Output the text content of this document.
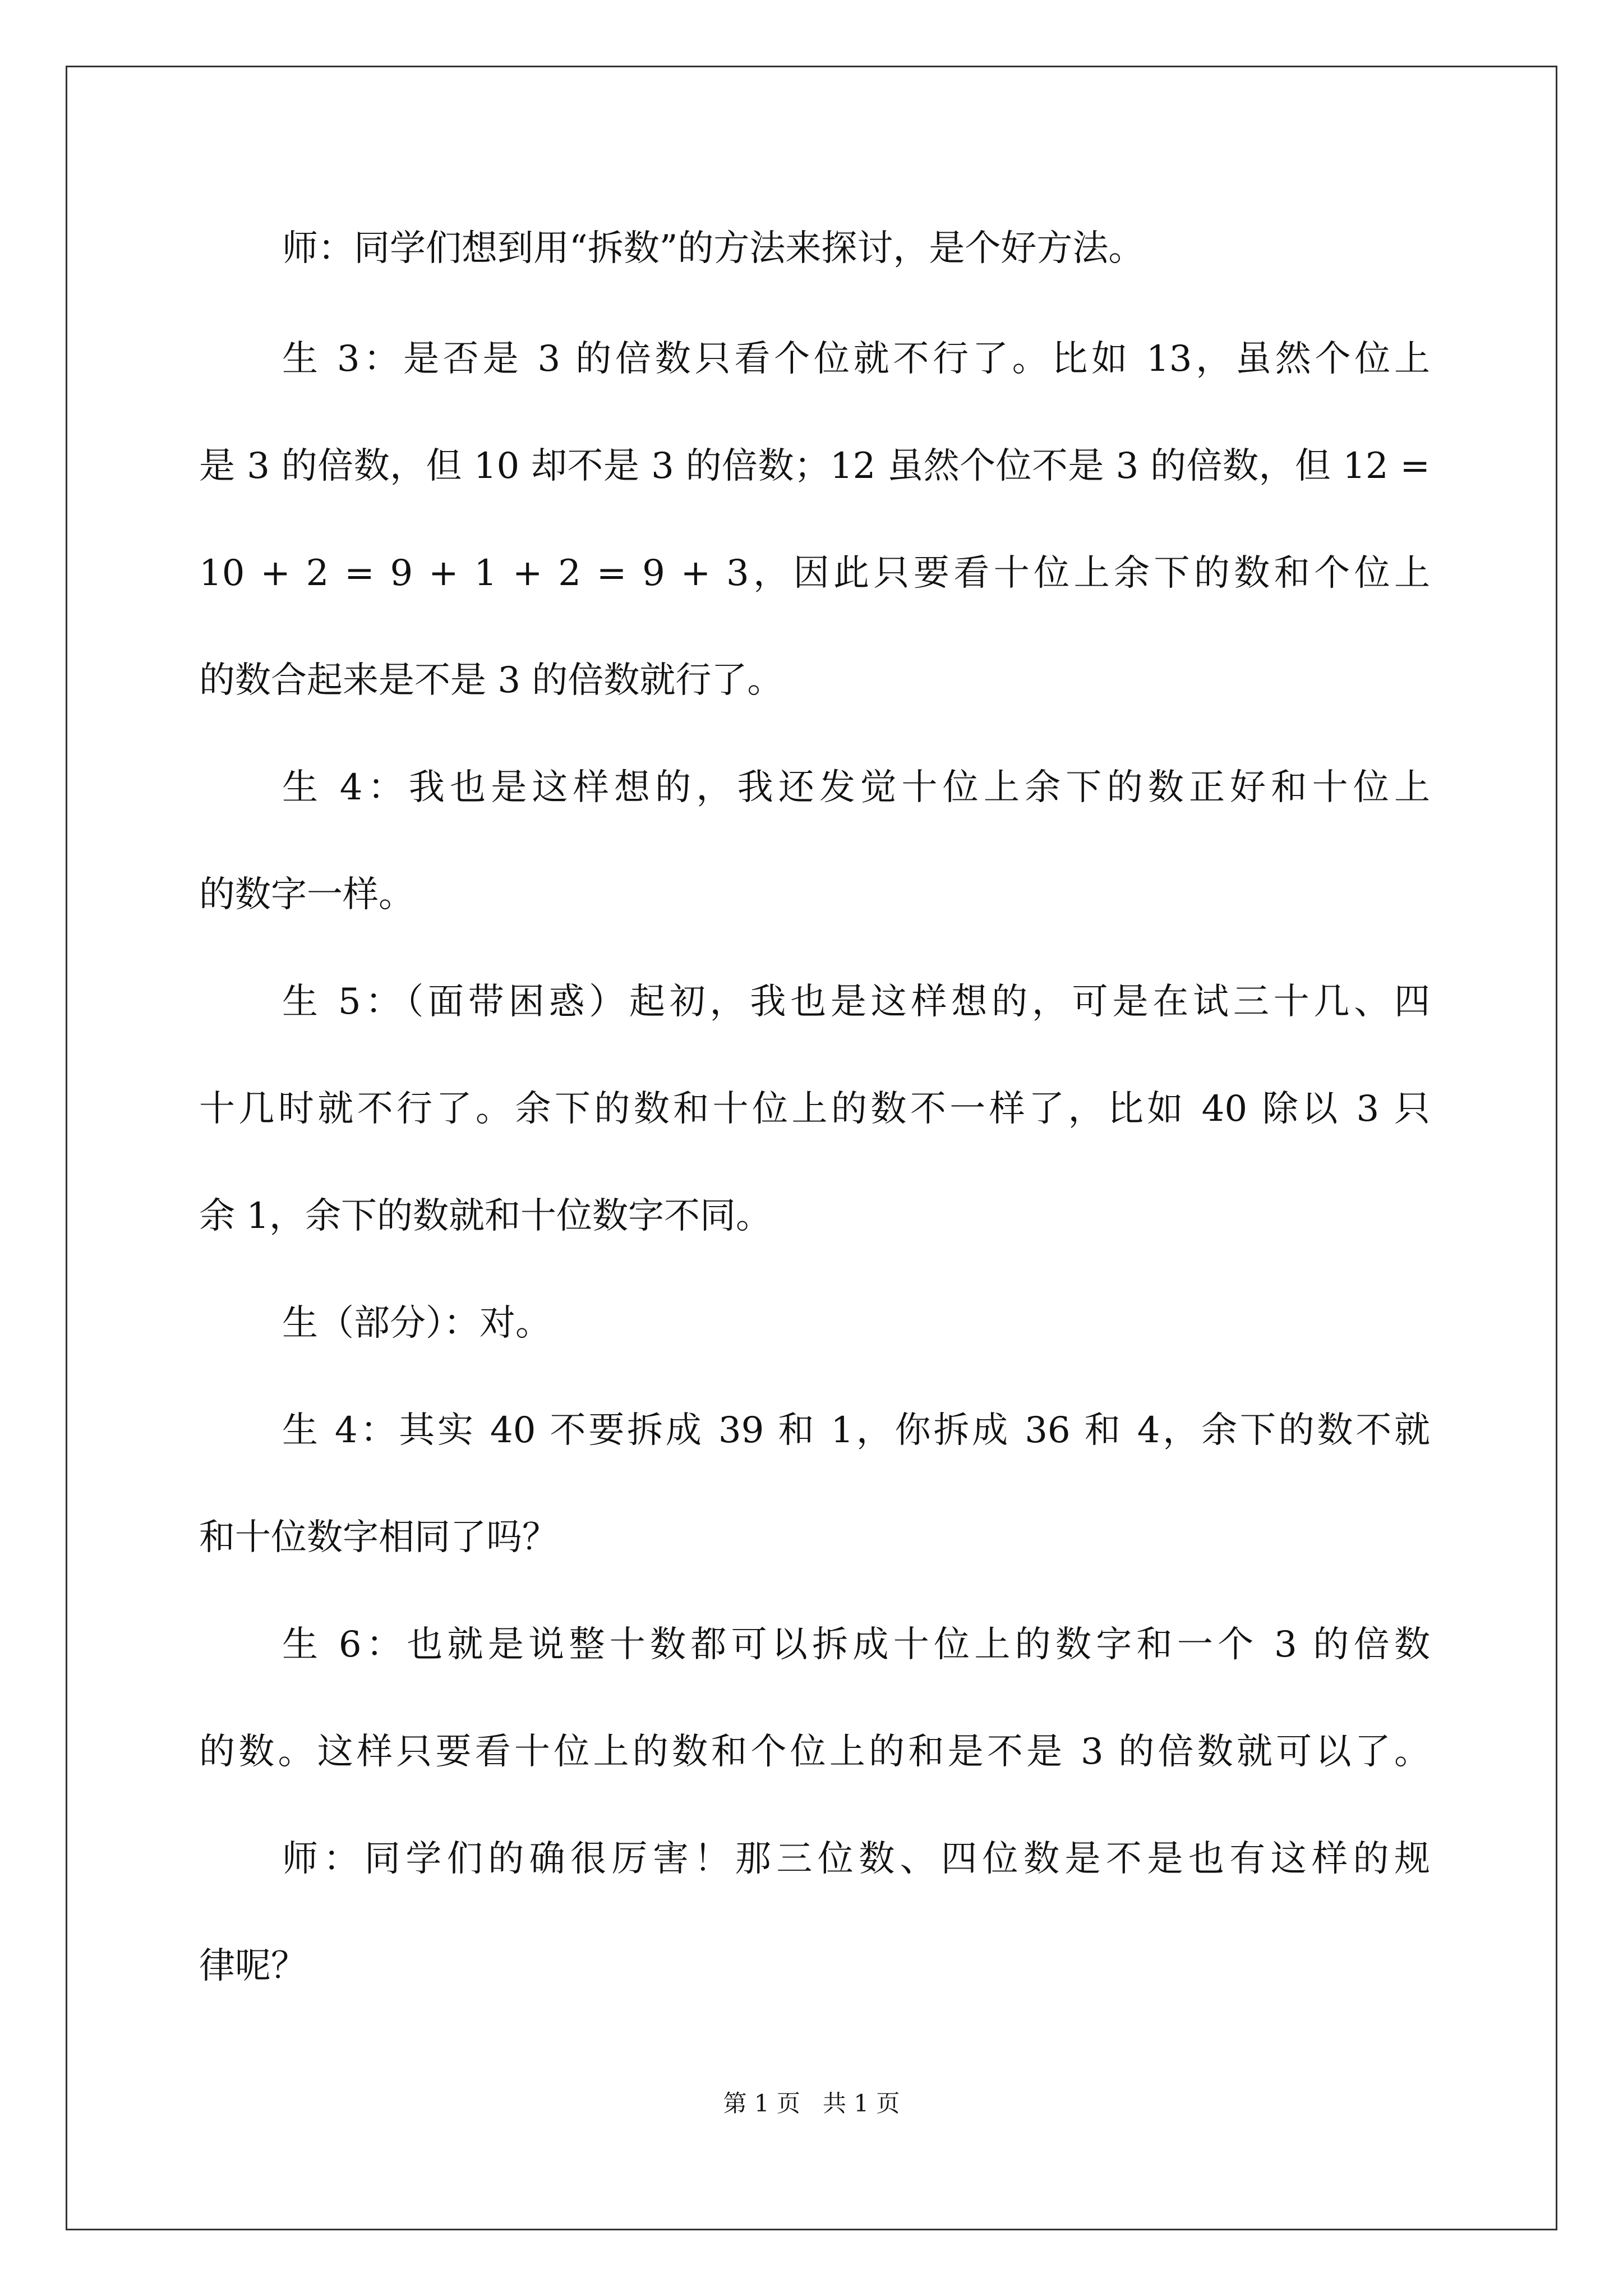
师：同学们想到用“拆数”的方法来探讨，是个好方法。
生 3：是否是 3 的倍数只看个位就不行了。比如 13，虽然个位上
是 3 的倍数，但 10 却不是 3 的倍数；12 虽然个位不是 3 的倍数，但 12 =
10 + 2 = 9 + 1 + 2 = 9 + 3，因此只要看十位上余下的数和个位上
的数合起来是不是 3 的倍数就行了。
生 4：我也是这样想的，我还发觉十位上余下的数正好和十位上
的数字一样。
生 5：（面带困惑）起初，我也是这样想的，可是在试三十几、四
十几时就不行了。余下的数和十位上的数不一样了，比如 40 除以 3 只
余 1，余下的数就和十位数字不同。
生（部分）：对。
生 4：其实 40 不要拆成 39 和 1，你拆成 36 和 4，余下的数不就
和十位数字相同了吗？
生 6：也就是说整十数都可以拆成十位上的数字和一个 3 的倍数
的数。这样只要看十位上的数和个位上的和是不是 3 的倍数就可以了。
师：同学们的确很厉害！那三位数、四位数是不是也有这样的规
律呢？
第 1 页 共 1 页
